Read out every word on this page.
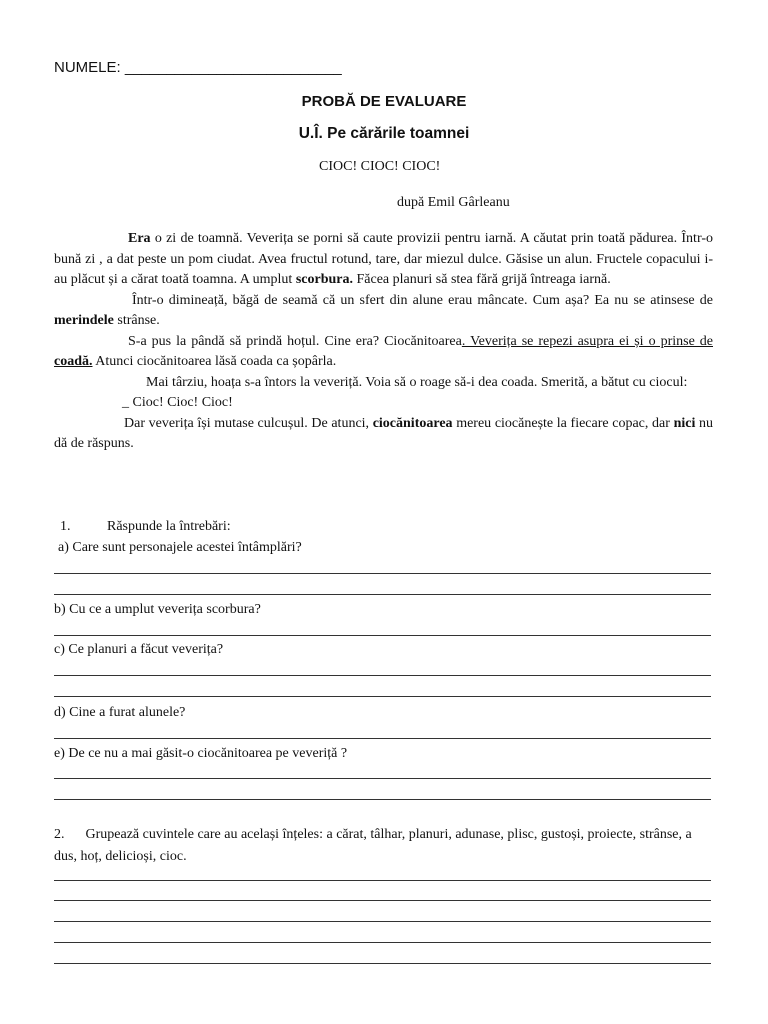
NUMELE: __________________________
PROBĂ DE EVALUARE
U.Î. Pe cărările toamnei
CIOC! CIOC! CIOC!
după Emil Gârleanu

Era o zi de toamnă. Veverița se porni să caute provizii pentru iarnă. A căutat prin toată pădurea. Într-o bună zi , a dat peste un pom ciudat. Avea fructul rotund, tare, dar miezul dulce. Găsise un alun. Fructele copacului i-au plăcut și a cărat toată toamna. A umplut scorbura. Făcea planuri să stea fără grijă întreaga iarnă.

Într-o dimineață, băgă de seamă că un sfert din alune erau mâncate. Cum așa? Ea nu se atinsese de merindele strânse.

S-a pus la pândă să prindă hoțul. Cine era? Ciocănitoarea. Veverița se repezi asupra ei și o prinse de coadă. Atunci ciocănitoarea lăsă coada ca șopârla.

Mai târziu, hoața s-a întors la veveriță. Voia să o roage să-i dea coada. Smerită, a bătut cu ciocul:

_ Cioc! Cioc! Cioc!

Dar veverița își mutase culcușul. De atunci, ciocănitoarea mereu ciocănește la fiecare copac, dar nici nu dă de răspuns.

1.	Răspunde la întrebări:
a) Care sunt personajele acestei întâmplări?
b) Cu ce a umplut veverița scorbura?
c) Ce planuri a făcut veverița?
d) Cine a furat alunele?
e) De ce nu a mai găsit-o ciocănitoarea pe veveriță ?
2. Grupează cuvintele care au același înțeles: a cărat, tâlhar, planuri, adunase, plisc, gustoși, proiecte, strânse, a dus, hoț, delicioși, cioc.
